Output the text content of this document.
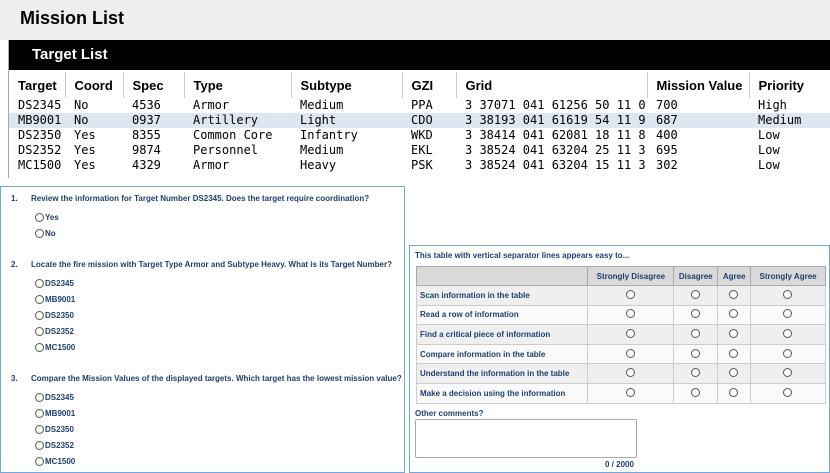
Mission List
Target List
Target	Coord	Spec	Type	Subtype	GZI	Grid	Mission Value	Priority
DS2345	No	4536	Armor	Medium	PPA	3 37071 041 61256 50 11 0	700	High
MB9001	No	0937	Artillery	Light	CDO	3 38193 041 61619 54 11 9	687	Medium
DS2350	Yes	8355	Common Core	Infantry	WKD	3 38414 041 62081 18 11 8	400	Low
DS2352	Yes	9874	Personnel	Medium	EKL	3 38524 041 63204 25 11 3	695	Low
MC1500	Yes	4329	Armor	Heavy	PSK	3 38524 041 63204 15 11 3	302	Low
1. Review the information for Target Number DS2345. Does the target require coordination?
Yes
No
2. Locate the fire mission with Target Type Armor and Subtype Heavy. What is its Target Number?
DS2345
MB9001
DS2350
DS2352
MC1500
3. Compare the Mission Values of the displayed targets. Which target has the lowest mission value?
DS2345
MB9001
DS2350
DS2352
MC1500
This table with vertical separator lines appears easy to...
	Strongly Disagree	Disagree	Agree	Strongly Agree
Scan information in the table				
Read a row of information				
Find a critical piece of information				
Compare information in the table				
Understand the information in the table				
Make a decision using the information				
Other comments?
0 / 2000
